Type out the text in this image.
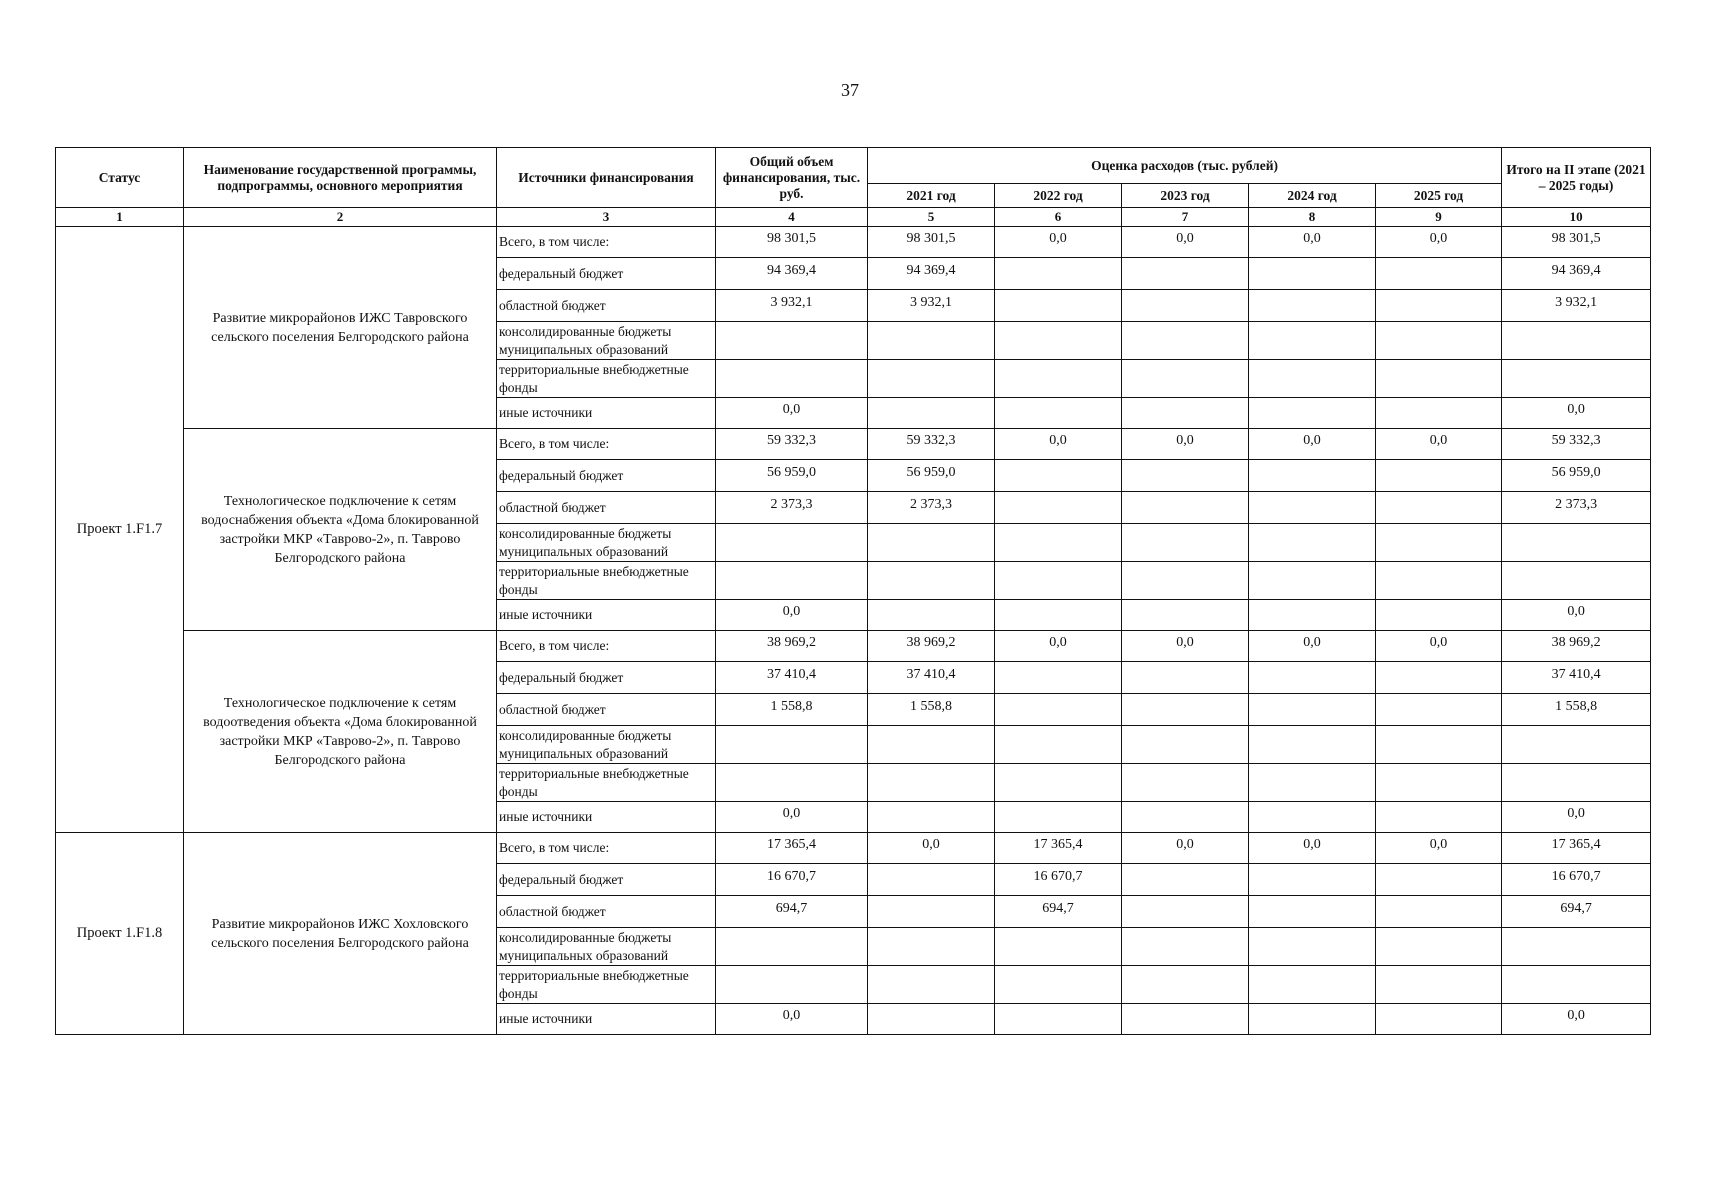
37
Статус	Наименование государственной программы, подпрограммы, основного мероприятия	Источники финансирования	Общий объем финансирования, тыс. руб.	Оценка расходов (тыс. рублей)					Итого на II этапе (2021 – 2025 годы)
				2021 год	2022 год	2023 год	2024 год	2025 год	
1	2	3	4	5	6	7	8	9	10
Проект 1.F1.7	Развитие микрорайонов ИЖС Тавровского сельского поселения Белгородского района	Всего, в том числе:	98 301,5	98 301,5	0,0	0,0	0,0	0,0	98 301,5
		федеральный бюджет	94 369,4	94 369,4					94 369,4
		областной бюджет	3 932,1	3 932,1					3 932,1
		консолидированные бюджеты муниципальных образований							
		территориальные внебюджетные фонды							
		иные источники	0,0						0,0
	Технологическое подключение к сетям водоснабжения объекта «Дома блокированной застройки МКР «Таврово-2», п. Таврово Белгородского района	Всего, в том числе:	59 332,3	59 332,3	0,0	0,0	0,0	0,0	59 332,3
		федеральный бюджет	56 959,0	56 959,0					56 959,0
		областной бюджет	2 373,3	2 373,3					2 373,3
		консолидированные бюджеты муниципальных образований							
		территориальные внебюджетные фонды							
		иные источники	0,0						0,0
	Технологическое подключение к сетям водоотведения объекта «Дома блокированной застройки МКР «Таврово-2», п. Таврово Белгородского района	Всего, в том числе:	38 969,2	38 969,2	0,0	0,0	0,0	0,0	38 969,2
		федеральный бюджет	37 410,4	37 410,4					37 410,4
		областной бюджет	1 558,8	1 558,8					1 558,8
		консолидированные бюджеты муниципальных образований							
		территориальные внебюджетные фонды							
		иные источники	0,0						0,0
Проект 1.F1.8	Развитие микрорайонов ИЖС Хохловского сельского поселения Белгородского района	Всего, в том числе:	17 365,4	0,0	17 365,4	0,0	0,0	0,0	17 365,4
		федеральный бюджет	16 670,7		16 670,7				16 670,7
		областной бюджет	694,7		694,7				694,7
		консолидированные бюджеты муниципальных образований							
		территориальные внебюджетные фонды							
		иные источники	0,0						0,0
